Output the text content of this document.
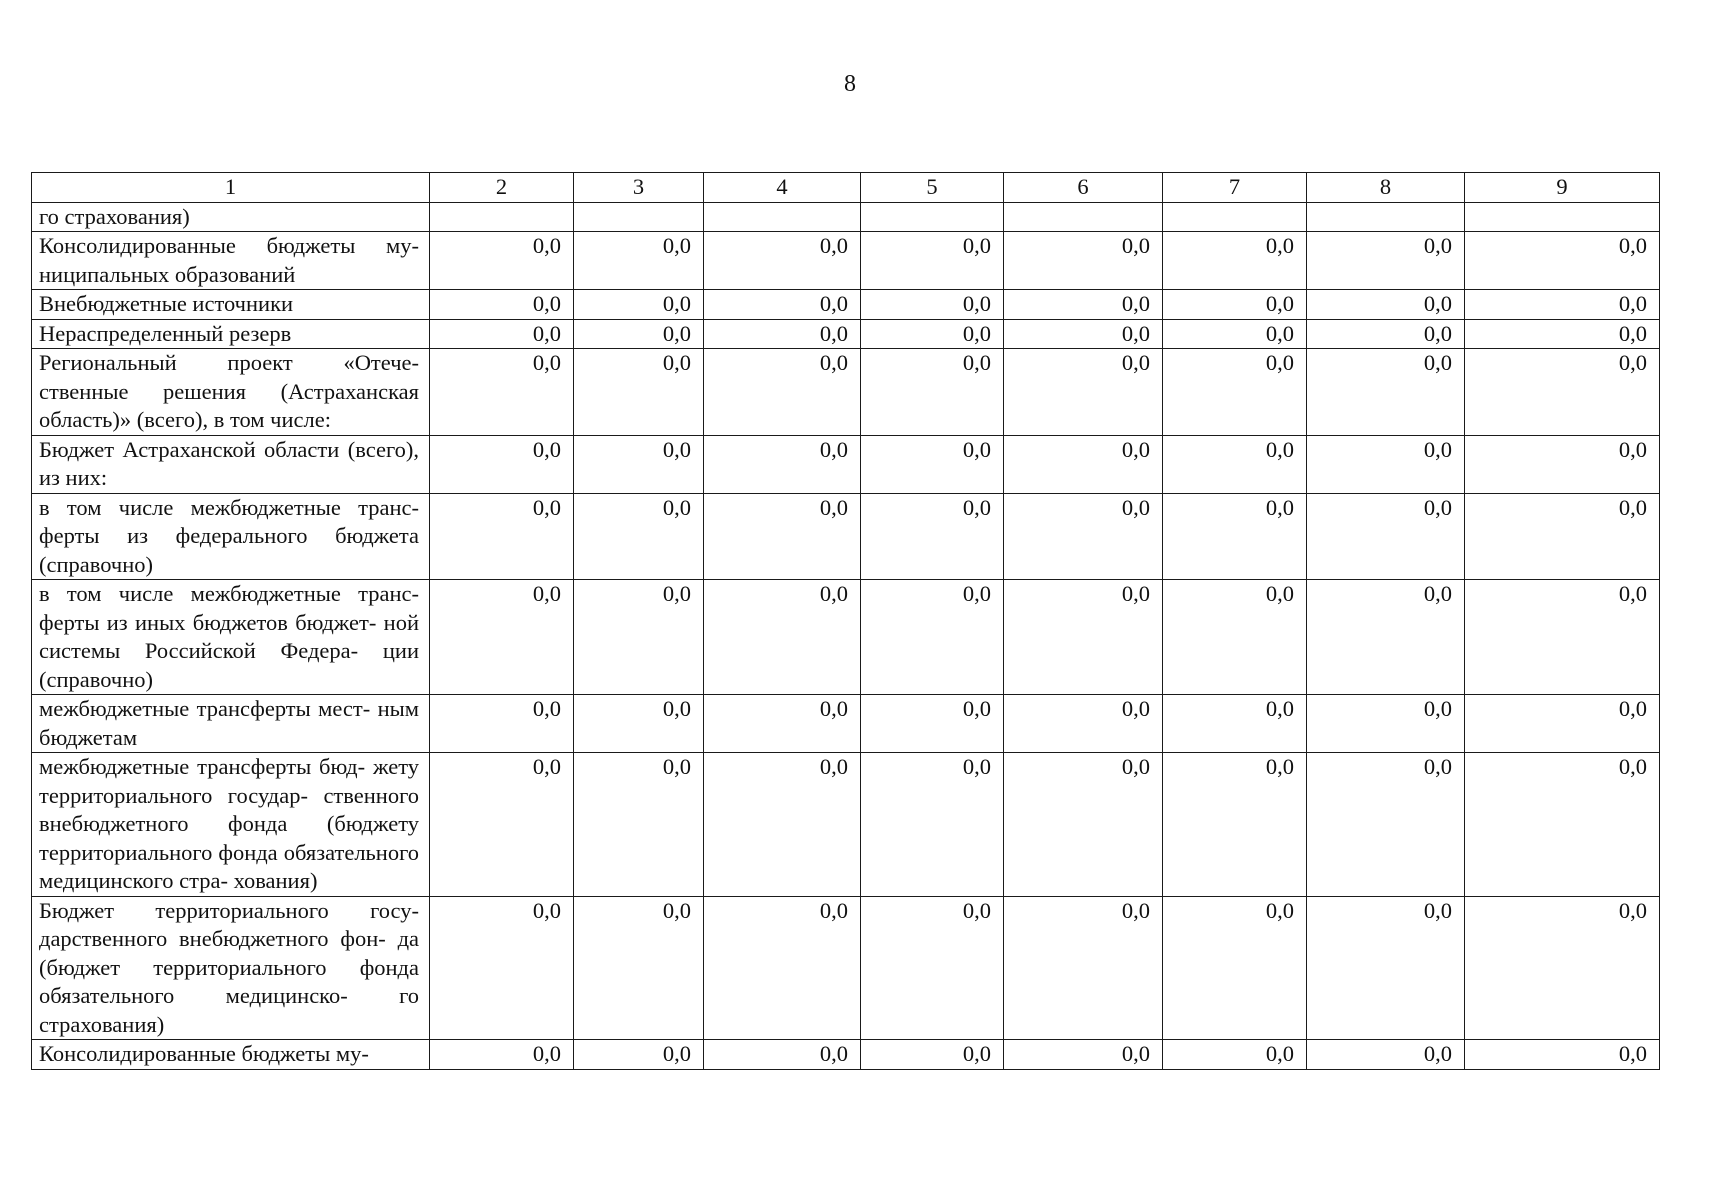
8
1	2	3	4	5	6	7	8	9
го страхования)								
Консолидированные бюджеты му- ниципальных образований	0,0	0,0	0,0	0,0	0,0	0,0	0,0	0,0
Внебюджетные источники	0,0	0,0	0,0	0,0	0,0	0,0	0,0	0,0
Нераспределенный резерв	0,0	0,0	0,0	0,0	0,0	0,0	0,0	0,0
Региональный проект «Отече- ственные решения (Астраханская область)» (всего), в том числе:	0,0	0,0	0,0	0,0	0,0	0,0	0,0	0,0
Бюджет Астраханской области (всего), из них:	0,0	0,0	0,0	0,0	0,0	0,0	0,0	0,0
в том числе межбюджетные транс- ферты из федерального бюджета (справочно)	0,0	0,0	0,0	0,0	0,0	0,0	0,0	0,0
в том числе межбюджетные транс- ферты из иных бюджетов бюджет- ной системы Российской Федера- ции (справочно)	0,0	0,0	0,0	0,0	0,0	0,0	0,0	0,0
межбюджетные трансферты мест- ным бюджетам	0,0	0,0	0,0	0,0	0,0	0,0	0,0	0,0
межбюджетные трансферты бюд- жету территориального государ- ственного внебюджетного фонда (бюджету территориального фонда обязательного медицинского стра- хования)	0,0	0,0	0,0	0,0	0,0	0,0	0,0	0,0
Бюджет территориального госу- дарственного внебюджетного фон- да (бюджет территориального фонда обязательного медицинско- го страхования)	0,0	0,0	0,0	0,0	0,0	0,0	0,0	0,0
Консолидированные бюджеты му-	0,0	0,0	0,0	0,0	0,0	0,0	0,0	0,0
